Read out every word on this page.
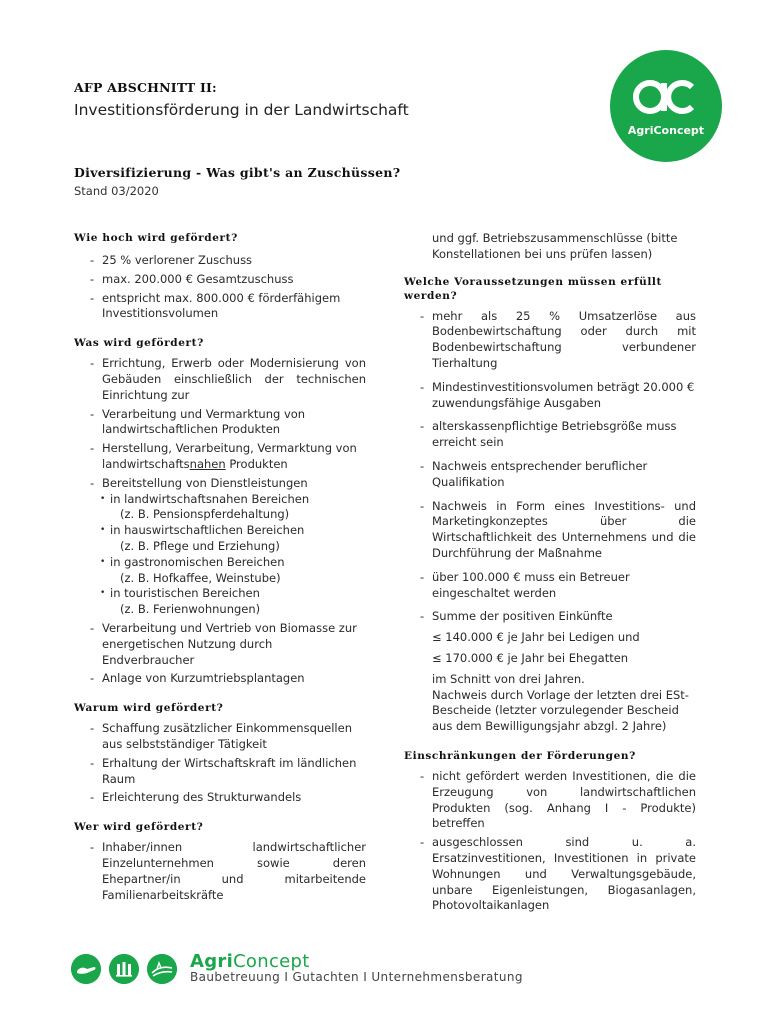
AFP ABSCHNITT II:
Investitionsförderung in der Landwirtschaft
AgriConcept
Diversifizierung - Was gibt's an Zuschüssen?
Stand 03/2020
Wie hoch wird gefördert?
- 25 % verlorener Zuschuss
- max. 200.000 € Gesamtzuschuss
- entspricht max. 800.000 € förderfähigem Investitionsvolumen
Was wird gefördert?
- Errichtung, Erwerb oder Modernisierung von Gebäuden einschließlich der technischen Einrichtung zur
- Verarbeitung und Vermarktung von landwirtschaftlichen Produkten
- Herstellung, Verarbeitung, Vermarktung von landwirtschaftsnahen Produkten
- Bereitstellung von Dienstleistungen
• in landwirtschaftsnahen Bereichen
(z. B. Pensionspferdehaltung)
• in hauswirtschaftlichen Bereichen
(z. B. Pflege und Erziehung)
• in gastronomischen Bereichen
(z. B. Hofkaffee, Weinstube)
• in touristischen Bereichen
(z. B. Ferienwohnungen)
- Verarbeitung und Vertrieb von Biomasse zur energetischen Nutzung durch Endverbraucher
- Anlage von Kurzumtriebsplantagen
Warum wird gefördert?
- Schaffung zusätzlicher Einkommensquellen aus selbstständiger Tätigkeit
- Erhaltung der Wirtschaftskraft im ländlichen Raum
- Erleichterung des Strukturwandels
Wer wird gefördert?
- Inhaber/innen landwirtschaftlicher Einzelunternehmen sowie deren Ehepartner/in und mitarbeitende Familienarbeitskräfte
und ggf. Betriebszusammenschlüsse (bitte Konstellationen bei uns prüfen lassen)
Welche Voraussetzungen müssen erfüllt werden?
- mehr als 25 % Umsatzerlöse aus Bodenbewirtschaftung oder durch mit Bodenbewirtschaftung verbundener Tierhaltung
- Mindestinvestitionsvolumen beträgt 20.000 € zuwendungsfähige Ausgaben
- alterskassenpflichtige Betriebsgröße muss erreicht sein
- Nachweis entsprechender beruflicher Qualifikation
- Nachweis in Form eines Investitions- und Marketingkonzeptes über die Wirtschaftlichkeit des Unternehmens und die Durchführung der Maßnahme
- über 100.000 € muss ein Betreuer eingeschaltet werden
- Summe der positiven Einkünfte
≤ 140.000 € je Jahr bei Ledigen und
≤ 170.000 € je Jahr bei Ehegatten
im Schnitt von drei Jahren.
Nachweis durch Vorlage der letzten drei ESt-Bescheide (letzter vorzulegender Bescheid aus dem Bewilligungsjahr abzgl. 2 Jahre)
Einschränkungen der Förderungen?
- nicht gefördert werden Investitionen, die die Erzeugung von landwirtschaftlichen Produkten (sog. Anhang I - Produkte) betreffen
- ausgeschlossen sind u. a. Ersatzinvestitionen, Investitionen in private Wohnungen und Verwaltungsgebäude, unbare Eigenleistungen, Biogasanlagen, Photovoltaikanlagen
AgriConcept
Baubetreuung I Gutachten I Unternehmensberatung
